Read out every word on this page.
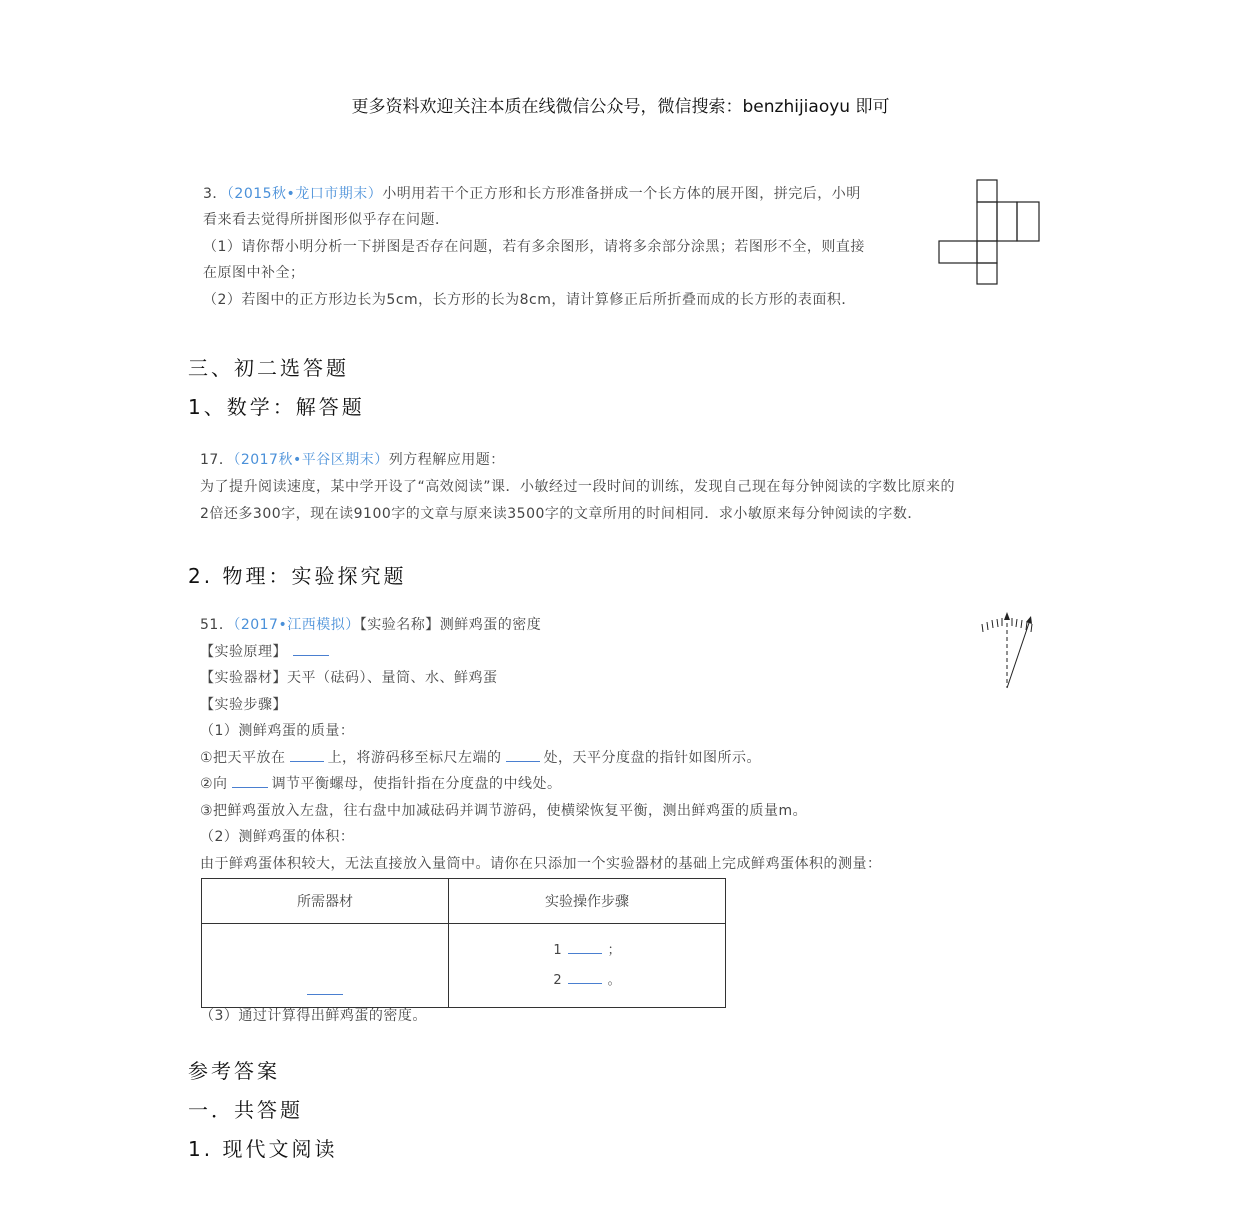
更多资料欢迎关注本质在线微信公众号，微信搜索：benzhijiaoyu 即可
3．（2015秋•龙口市期末）小明用若干个正方形和长方形准备拼成一个长方体的展开图，拼完后，小明
看来看去觉得所拼图形似乎存在问题．
（1）请你帮小明分析一下拼图是否存在问题，若有多余图形，请将多余部分涂黑；若图形不全，则直接
在原图中补全；
（2）若图中的正方形边长为5cm，长方形的长为8cm，请计算修正后所折叠而成的长方形的表面积．
三、初二选答题
1、数学：解答题
17．（2017秋•平谷区期末）列方程解应用题：
为了提升阅读速度，某中学开设了“高效阅读”课．小敏经过一段时间的训练，发现自己现在每分钟阅读的字数比原来的
2倍还多300字，现在读9100字的文章与原来读3500字的文章所用的时间相同．求小敏原来每分钟阅读的字数．
2. 物理：实验探究题
51．（2017•江西模拟）【实验名称】测鲜鸡蛋的密度
【实验原理】
【实验器材】天平（砝码）、量筒、水、鲜鸡蛋
【实验步骤】
（1）测鲜鸡蛋的质量：
①把天平放在	上，将游码移至标尺左端的	处，天平分度盘的指针如图所示。
②向	调节平衡螺母，使指针指在分度盘的中线处。
③把鲜鸡蛋放入左盘，往右盘中加减砝码并调节游码，使横梁恢复平衡，测出鲜鸡蛋的质量m。
（2）测鲜鸡蛋的体积：
由于鲜鸡蛋体积较大，无法直接放入量筒中。请你在只添加一个实验器材的基础上完成鲜鸡蛋体积的测量：
所需器材	实验操作步骤

	1 ；
2 。
（3）通过计算得出鲜鸡蛋的密度。
参考答案
一．共答题
1. 现代文阅读
